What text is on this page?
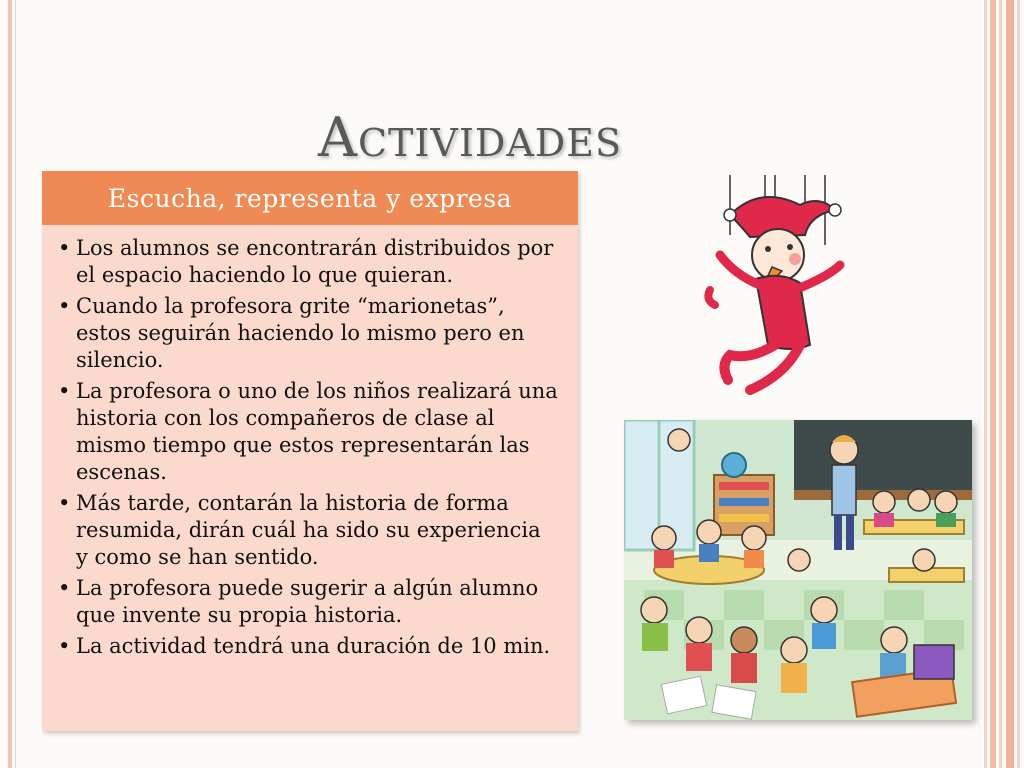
Actividades
Escucha, representa y expresa
• Los alumnos se encontrarán distribuidos por el espacio haciendo lo que quieran.
• Cuando la profesora grite “marionetas”, estos seguirán haciendo lo mismo pero en silencio.
• La profesora o uno de los niños realizará una historia con los compañeros de clase al mismo tiempo que estos representarán las escenas.
• Más tarde, contarán la historia de forma resumida, dirán cuál ha sido su experiencia y como se han sentido.
• La profesora puede sugerir a algún alumno que invente su propia historia.
• La actividad tendrá una duración de 10 min.
